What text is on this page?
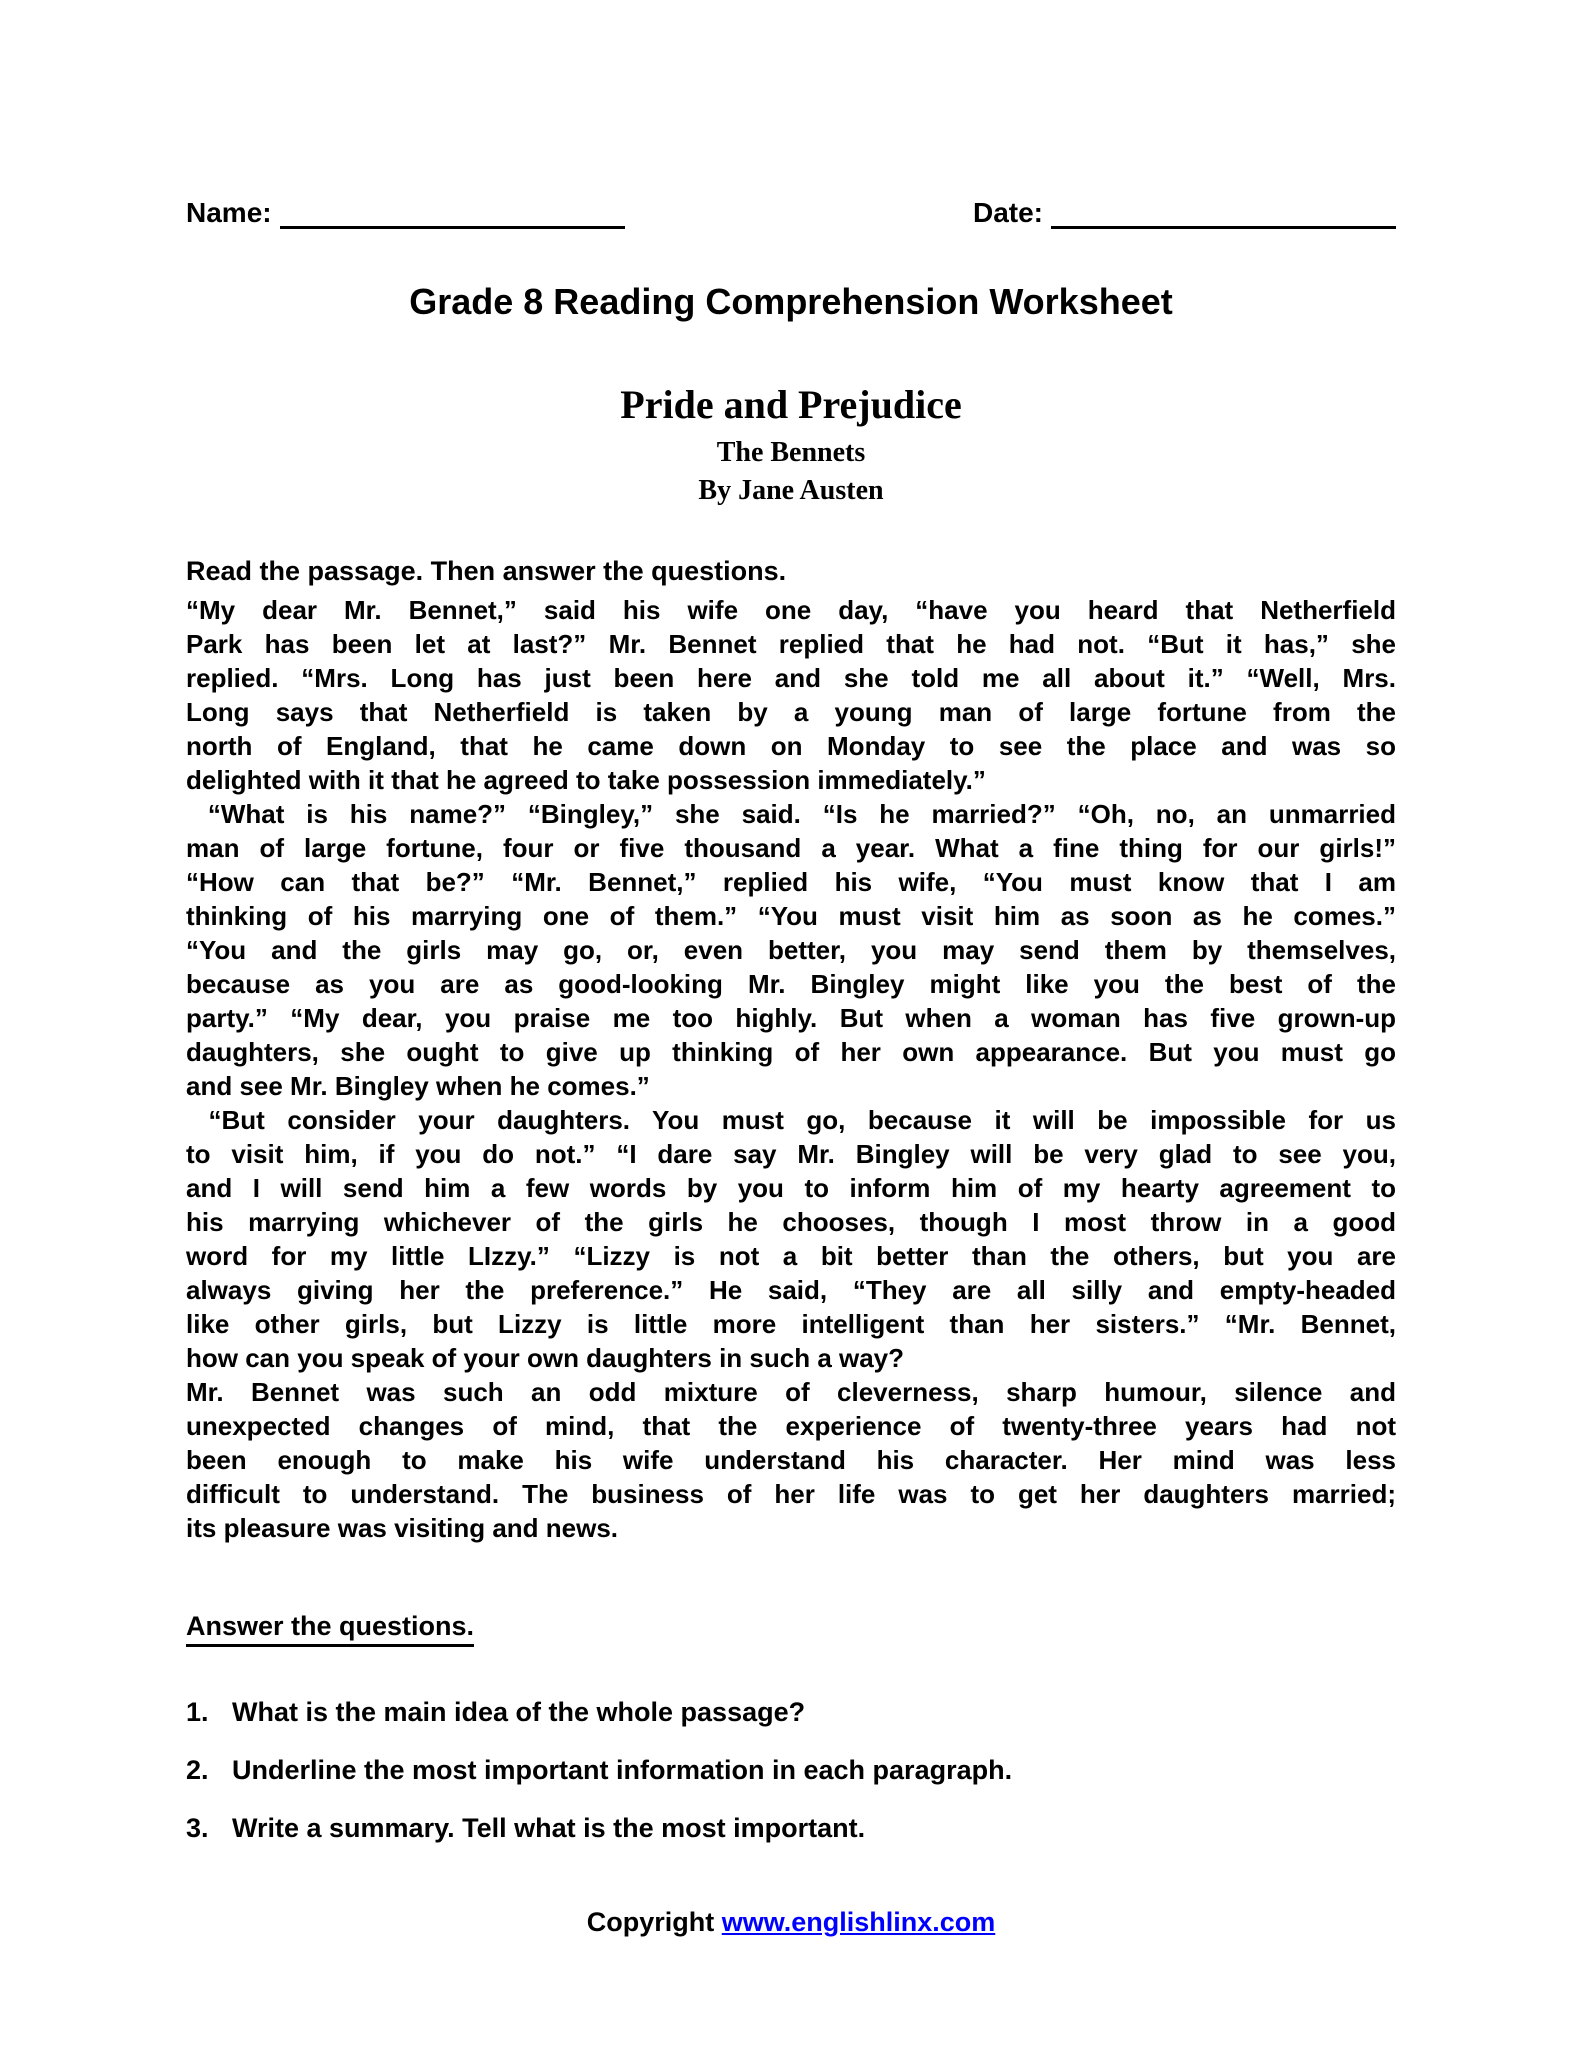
Name:	Date:
Grade 8 Reading Comprehension Worksheet
Pride and Prejudice
The Bennets
By Jane Austen
Read the passage. Then answer the questions.
“My dear Mr. Bennet,” said his wife one day, “have you heard that Netherfield
Park has been let at last?” Mr. Bennet replied that he had not. “But it has,” she
replied. “Mrs. Long has just been here and she told me all about it.” “Well, Mrs.
Long says that Netherfield is taken by a young man of large fortune from the
north of England, that he came down on Monday to see the place and was so
delighted with it that he agreed to take possession immediately.”
“What is his name?” “Bingley,” she said. “Is he married?” “Oh, no, an unmarried
man of large fortune, four or five thousand a year. What a fine thing for our girls!”
“How can that be?” “Mr. Bennet,” replied his wife, “You must know that I am
thinking of his marrying one of them.” “You must visit him as soon as he comes.”
“You and the girls may go, or, even better, you may send them by themselves,
because as you are as good-looking Mr. Bingley might like you the best of the
party.” “My dear, you praise me too highly. But when a woman has five grown-up
daughters, she ought to give up thinking of her own appearance. But you must go
and see Mr. Bingley when he comes.”
“But consider your daughters. You must go, because it will be impossible for us
to visit him, if you do not.” “I dare say Mr. Bingley will be very glad to see you,
and I will send him a few words by you to inform him of my hearty agreement to
his marrying whichever of the girls he chooses, though I most throw in a good
word for my little LIzzy.” “Lizzy is not a bit better than the others, but you are
always giving her the preference.” He said, “They are all silly and empty-headed
like other girls, but Lizzy is little more intelligent than her sisters.” “Mr. Bennet,
how can you speak of your own daughters in such a way?
Mr. Bennet was such an odd mixture of cleverness, sharp humour, silence and
unexpected changes of mind, that the experience of twenty-three years had not
been enough to make his wife understand his character. Her mind was less
difficult to understand. The business of her life was to get her daughters married;
its pleasure was visiting and news.
Answer the questions.
1. What is the main idea of the whole passage?
2. Underline the most important information in each paragraph.
3. Write a summary. Tell what is the most important.
Copyright www.englishlinx.com
